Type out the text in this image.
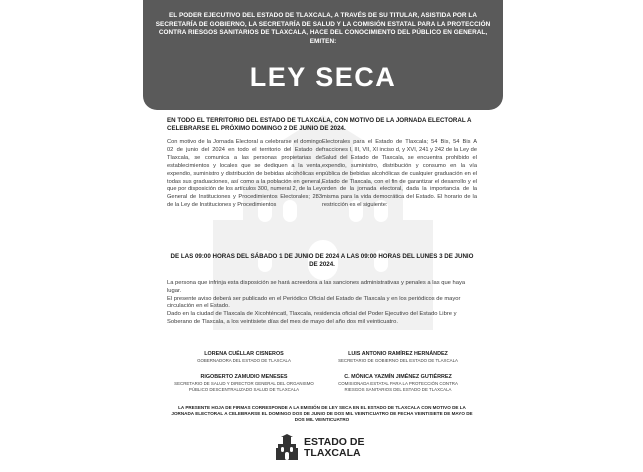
EL PODER EJECUTIVO DEL ESTADO DE TLAXCALA, A TRAVÉS DE SU TITULAR, ASISTIDA POR LA SECRETARÍA DE GOBIERNO, LA SECRETARÍA DE SALUD Y LA COMISIÓN ESTATAL PARA LA PROTECCIÓN CONTRA RIESGOS SANITARIOS DE TLAXCALA, HACE DEL CONOCIMIENTO DEL PÚBLICO EN GENERAL, EMITEN:
LEY SECA
EN TODO EL TERRITORIO DEL ESTADO DE TLAXCALA, CON MOTIVO DE LA JORNADA ELECTORAL A CELEBRARSE EL PRÓXIMO DOMINGO 2 DE JUNIO DE 2024.
Con motivo de la Jornada Electoral a celebrarse el domingo 02 de junio del 2024 en todo el territorio del Estado de Tlaxcala, se comunica a las personas propietarias de establecimientos y locales que se dediquen a la venta, expendio, suministro y distribución de bebidas alcohólicas en todas sus graduaciones, así como a la población en general, que por disposición de los artículos 300, numeral 2, de la Ley General de Instituciones y Procedimientos Electorales; 283 de la Ley de Instituciones y Procedimientos
Electorales para el Estado de Tlaxcala; 54 Bis, 54 Bis A fracciones I, III, VII, XI inciso d, y XVI, 241 y 242 de la Ley de Salud del Estado de Tlaxcala, se encuentra prohibido el expendio, suministro, distribución y consumo en la vía pública de bebidas alcohólicas de cualquier graduación en el Estado de Tlaxcala, con el fin de garantizar el desarrollo y el orden de la jornada electoral, dada la importancia de la misma para la vida democrática del Estado. El horario de la restricción es el siguiente:
DE LAS 09:00 HORAS DEL SÁBADO 1 DE JUNIO DE 2024 A LAS 09:00 HORAS DEL LUNES 3 DE JUNIO DE 2024.

La persona que infrinja esta disposición se hará acreedora a las sanciones administrativas y penales a las que haya lugar.

El presente aviso deberá ser publicado en el Periódico Oficial del Estado de Tlaxcala y en los periódicos de mayor circulación en el Estado.

Dado en la ciudad de Tlaxcala de Xicohténcatl, Tlaxcala, residencia oficial del Poder Ejecutivo del Estado Libre y Soberano de Tlaxcala, a los veintisiete días del mes de mayo del año dos mil veinticuatro.

LORENA CUÉLLAR CISNEROS
GOBERNADORA DEL ESTADO DE TLAXCALA
LUIS ANTONIO RAMÍREZ HERNÁNDEZ
SECRETARIO DE GOBIERNO DEL ESTADO DE TLAXCALA
RIGOBERTO ZAMUDIO MENESES
SECRETARIO DE SALUD Y DIRECTOR GENERAL DEL ORGANISMO PÚBLICO DESCENTRALIZADO SALUD DE TLAXCALA
C. MÓNICA YAZMÍN JIMÉNEZ GUTIÉRREZ
COMISIONADA ESTATAL PARA LA PROTECCIÓN CONTRA RIESGOS SANITARIOS DEL ESTADO DE TLAXCALA
LA PRESENTE HOJA DE FIRMAS CORRESPONDE A LA EMISIÓN DE LEY SECA EN EL ESTADO DE TLAXCALA CON MOTIVO DE LA JORNADA ELECTORAL A CELEBRARSE EL DOMINGO DOS DE JUNIO DE DOS MIL VEINTICUATRO DE FECHA VEINTISIETE DE MAYO DE DOS MIL VEINTICUATRO
ESTADO DE
TLAXCALA
